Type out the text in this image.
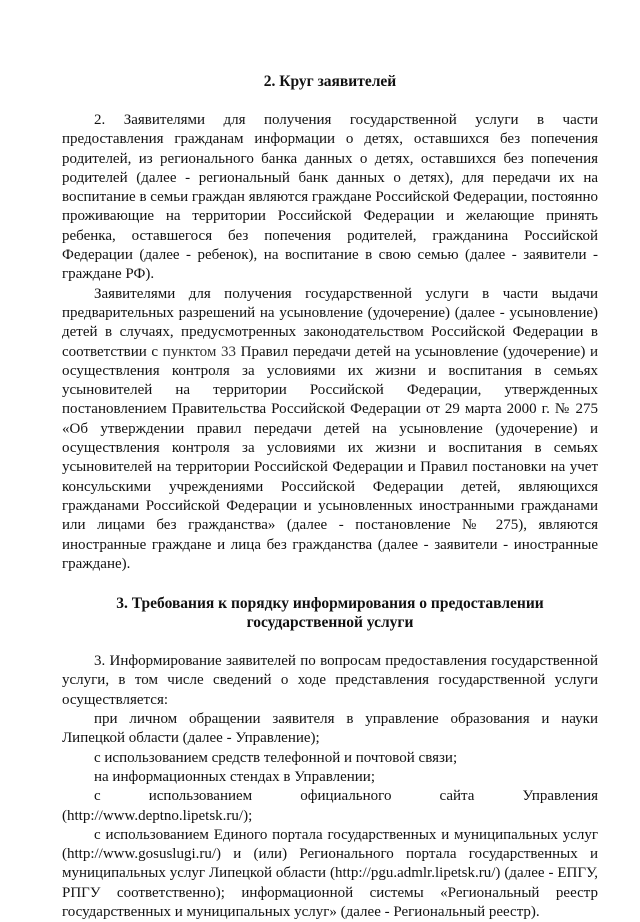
2. Круг заявителей

2. Заявителями для получения государственной услуги в части предоставления гражданам информации о детях, оставшихся без попечения родителей, из регионального банка данных о детях, оставшихся без попечения родителей (далее - региональный банк данных о детях), для передачи их на воспитание в семьи граждан являются граждане Российской Федерации, постоянно проживающие на территории Российской Федерации и желающие принять ребенка, оставшегося без попечения родителей, гражданина Российской Федерации (далее - ребенок), на воспитание в свою семью (далее - заявители - граждане РФ).

Заявителями для получения государственной услуги в части выдачи предварительных разрешений на усыновление (удочерение) (далее - усыновление) детей в случаях, предусмотренных законодательством Российской Федерации в соответствии с пунктом 33 Правил передачи детей на усыновление (удочерение) и осуществления контроля за условиями их жизни и воспитания в семьях усыновителей на территории Российской Федерации, утвержденных постановлением Правительства Российской Федерации от 29 марта 2000 г. № 275 «Об утверждении правил передачи детей на усыновление (удочерение) и осуществления контроля за условиями их жизни и воспитания в семьях усыновителей на территории Российской Федерации и Правил постановки на учет консульскими учреждениями Российской Федерации детей, являющихся гражданами Российской Федерации и усыновленных иностранными гражданами или лицами без гражданства» (далее - постановление № 275), являются иностранные граждане и лица без гражданства (далее - заявители - иностранные граждане).

3. Требования к порядку информирования о предоставлении
государственной услуги

3. Информирование заявителей по вопросам предоставления государственной услуги, в том числе сведений о ходе представления государственной услуги осуществляется:

при личном обращении заявителя в управление образования и науки Липецкой области (далее - Управление);

с использованием средств телефонной и почтовой связи;

на информационных стендах в Управлении;

с использованием официального сайта Управления (http://www.deptno.lipetsk.ru/);

с использованием Единого портала государственных и муниципальных услуг (http://www.gosuslugi.ru/) и (или) Регионального портала государственных и муниципальных услуг Липецкой области (http://pgu.admlr.lipetsk.ru/) (далее - ЕПГУ, РПГУ соответственно); информационной системы «Региональный реестр государственных и муниципальных услуг» (далее - Региональный реестр).
